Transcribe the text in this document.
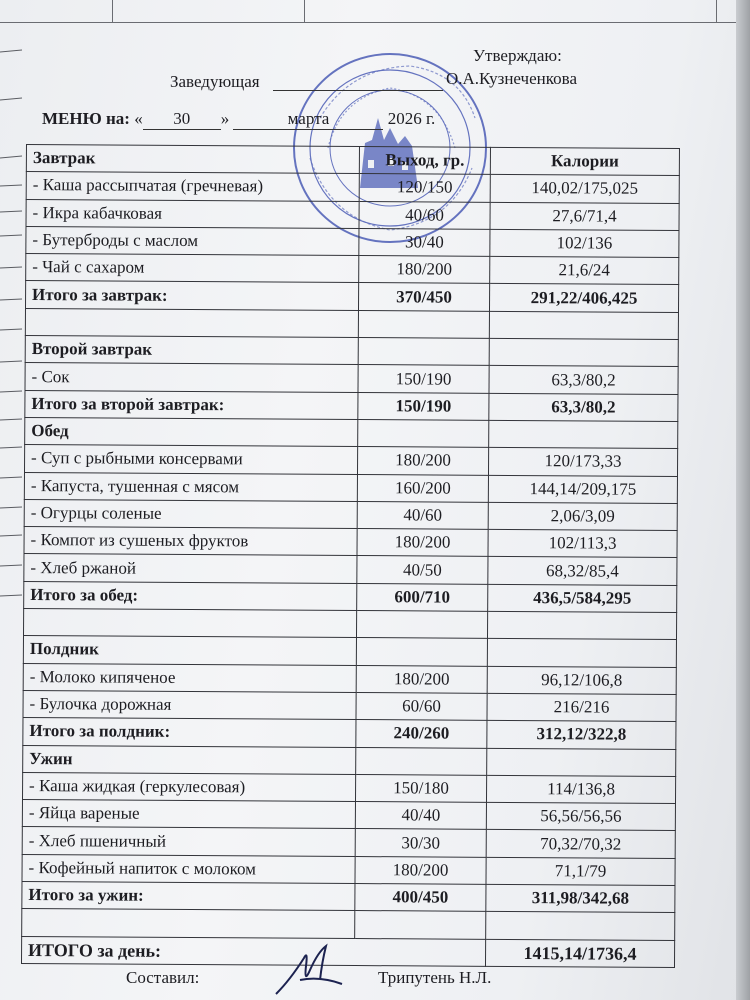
Утверждаю:
Заведующая	О.А.Кузнеченкова
МЕНЮ на: « 30 »	марта	2026 г.
Завтрак	Выход, гр.	Калории
- Каша рассыпчатая (гречневая)	120/150	140,02/175,025
- Икра кабачковая	40/60	27,6/71,4
- Бутерброды с маслом	30/40	102/136
- Чай с сахаром	180/200	21,6/24
Итого за завтрак:	370/450	291,22/406,425

Второй завтрак		
- Сок	150/190	63,3/80,2
Итого за второй завтрак:	150/190	63,3/80,2
Обед		
- Суп с рыбными консервами	180/200	120/173,33
- Капуста, тушенная с мясом	160/200	144,14/209,175
- Огурцы соленые	40/60	2,06/3,09
- Компот из сушеных фруктов	180/200	102/113,3
- Хлеб ржаной	40/50	68,32/85,4
Итого за обед:	600/710	436,5/584,295

Полдник		
- Молоко кипяченое	180/200	96,12/106,8
- Булочка дорожная	60/60	216/216
Итого за полдник:	240/260	312,12/322,8
Ужин		
- Каша жидкая (геркулесовая)	150/180	114/136,8
- Яйца вареные	40/40	56,56/56,56
- Хлеб пшеничный	30/30	70,32/70,32
- Кофейный напиток с молоком	180/200	71,1/79
Итого за ужин:	400/450	311,98/342,68

ИТОГО за день:		1415,14/1736,4
Составил:	Трипутень Н.Л.
